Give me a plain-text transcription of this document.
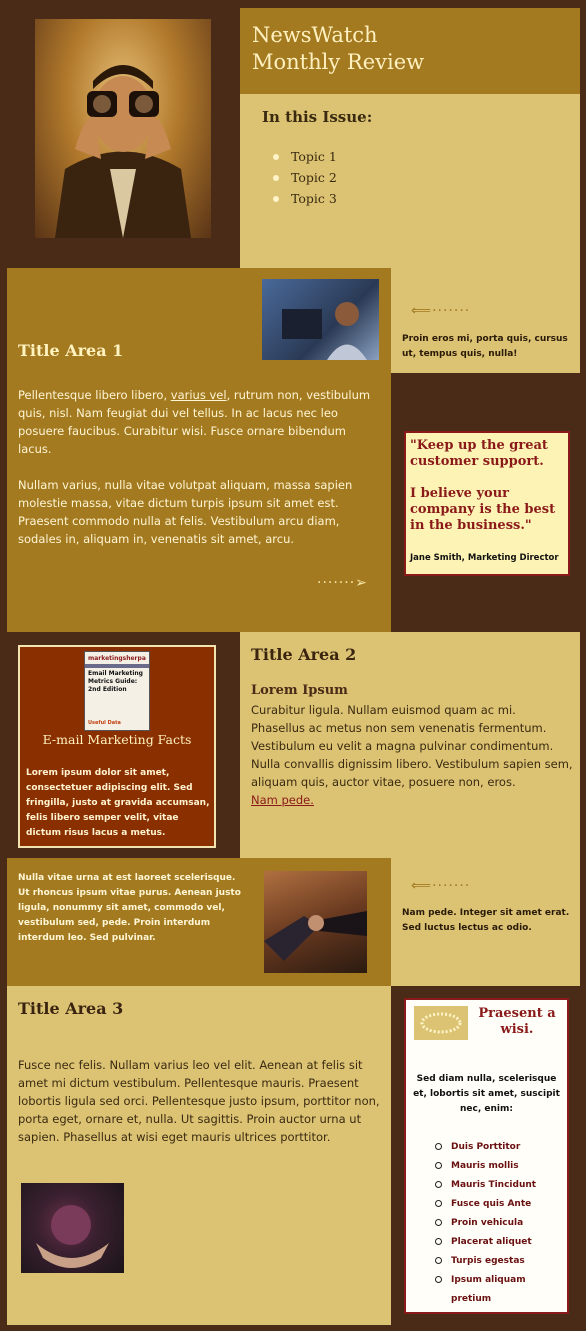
NewsWatch
Monthly Review
In this Issue:
Topic 1
Topic 2
Topic 3
Title Area 1
Pellentesque libero libero, varius vel, rutrum non, vestibulum quis, nisl. Nam feugiat dui vel tellus. In ac lacus nec leo posuere faucibus. Curabitur wisi. Fusce ornare bibendum lacus.
Nullam varius, nulla vitae volutpat aliquam, massa sapien molestie massa, vitae dictum turpis ipsum sit amet est. Praesent commodo nulla at felis. Vestibulum arcu diam, sodales in, aliquam in, venenatis sit amet, arcu.
·······➢
⟸·······
Proin eros mi, porta quis, cursus ut, tempus quis, nulla!
"Keep up the great customer support.
I believe your company is the best in the business."
Jane Smith, Marketing Director
marketingsherpa
Email Marketing Metrics Guide: 2nd Edition
Useful Data
E-mail Marketing Facts
Lorem ipsum dolor sit amet, consectetuer adipiscing elit. Sed fringilla, justo at gravida accumsan, felis libero semper velit, vitae dictum risus lacus a metus.
Title Area 2
Lorem Ipsum
Curabitur ligula. Nullam euismod quam ac mi. Phasellus ac metus non sem venenatis fermentum. Vestibulum eu velit a magna pulvinar condimentum. Nulla convallis dignissim libero. Vestibulum sapien sem, aliquam quis, auctor vitae, posuere non, eros.
Nam pede.
Nulla vitae urna at est laoreet scelerisque. Ut rhoncus ipsum vitae purus. Aenean justo ligula, nonummy sit amet, commodo vel, vestibulum sed, pede. Proin interdum interdum leo. Sed pulvinar.
⟸·······
Nam pede. Integer sit amet erat. Sed luctus lectus ac odio.
Title Area 3
Fusce nec felis. Nullam varius leo vel elit. Aenean at felis sit amet mi dictum vestibulum. Pellentesque mauris. Praesent lobortis ligula sed orci. Pellentesque justo ipsum, porttitor non, porta eget, ornare et, nulla. Ut sagittis. Proin auctor urna ut sapien. Phasellus at wisi eget mauris ultrices porttitor.
Praesent a wisi.
Sed diam nulla, scelerisque et, lobortis sit amet, suscipit nec, enim:
Duis Porttitor
Mauris mollis
Mauris Tincidunt
Fusce quis Ante
Proin vehicula
Placerat aliquet
Turpis egestas
Ipsum aliquam pretium
